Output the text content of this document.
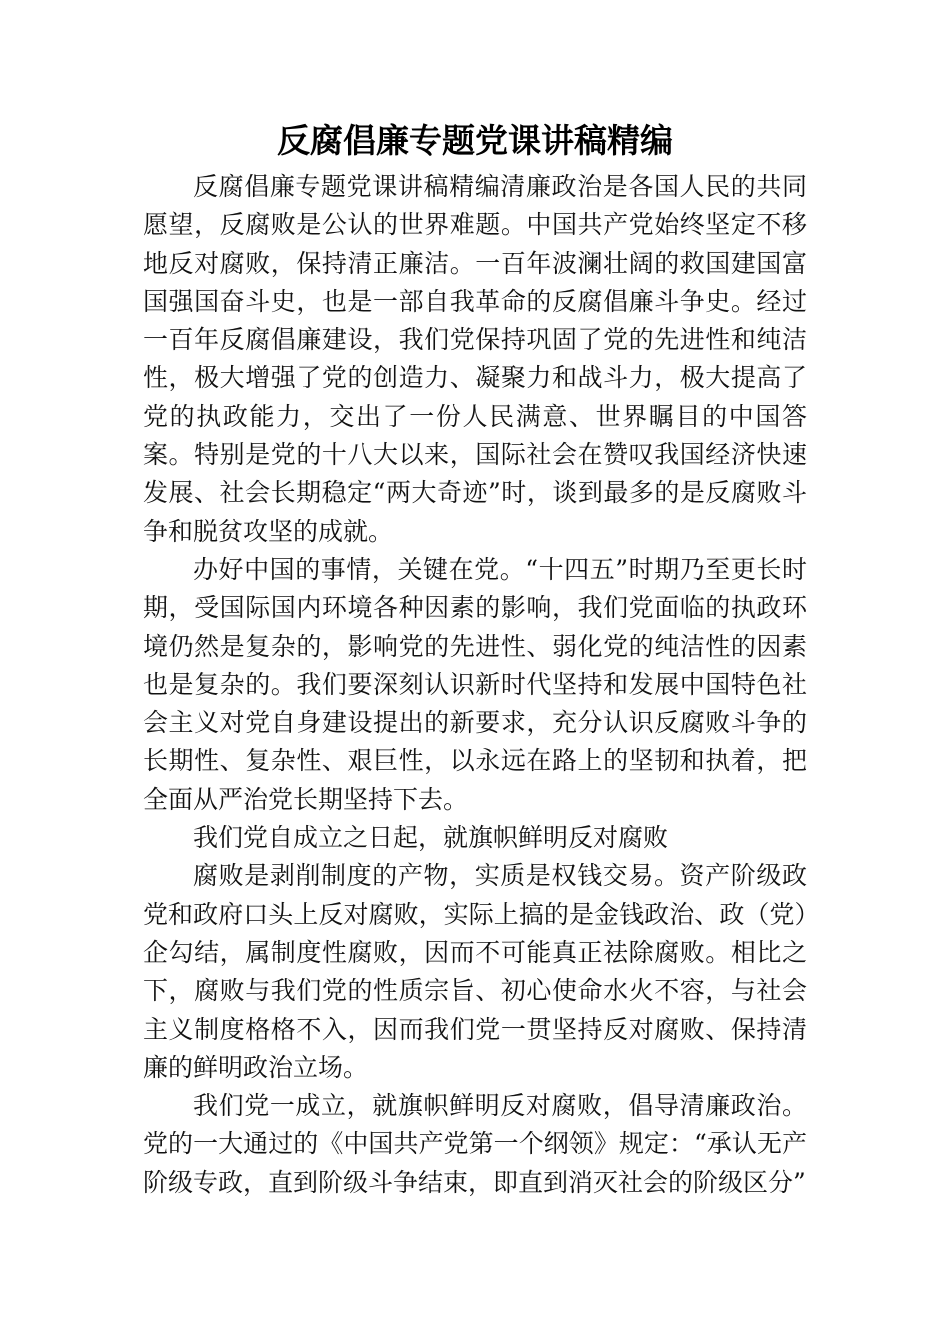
反腐倡廉专题党课讲稿精编

反腐倡廉专题党课讲稿精编清廉政治是各国人民的共同愿望，反腐败是公认的世界难题。中国共产党始终坚定不移地反对腐败，保持清正廉洁。一百年波澜壮阔的救国建国富国强国奋斗史，也是一部自我革命的反腐倡廉斗争史。经过一百年反腐倡廉建设，我们党保持巩固了党的先进性和纯洁性，极大增强了党的创造力、凝聚力和战斗力，极大提高了党的执政能力，交出了一份人民满意、世界瞩目的中国答案。特别是党的十八大以来，国际社会在赞叹我国经济快速发展、社会长期稳定“两大奇迹”时，谈到最多的是反腐败斗争和脱贫攻坚的成就。

办好中国的事情，关键在党。“十四五”时期乃至更长时期，受国际国内环境各种因素的影响，我们党面临的执政环境仍然是复杂的，影响党的先进性、弱化党的纯洁性的因素也是复杂的。我们要深刻认识新时代坚持和发展中国特色社会主义对党自身建设提出的新要求，充分认识反腐败斗争的长期性、复杂性、艰巨性，以永远在路上的坚韧和执着，把全面从严治党长期坚持下去。

我们党自成立之日起，就旗帜鲜明反对腐败

腐败是剥削制度的产物，实质是权钱交易。资产阶级政党和政府口头上反对腐败，实际上搞的是金钱政治、政（党）企勾结，属制度性腐败，因而不可能真正祛除腐败。相比之下，腐败与我们党的性质宗旨、初心使命水火不容，与社会主义制度格格不入，因而我们党一贯坚持反对腐败、保持清廉的鲜明政治立场。

我们党一成立，就旗帜鲜明反对腐败，倡导清廉政治。党的一大通过的《中国共产党第一个纲领》规定：“承认无产阶级专政，直到阶级斗争结束，即直到消灭社会的阶级区分”
